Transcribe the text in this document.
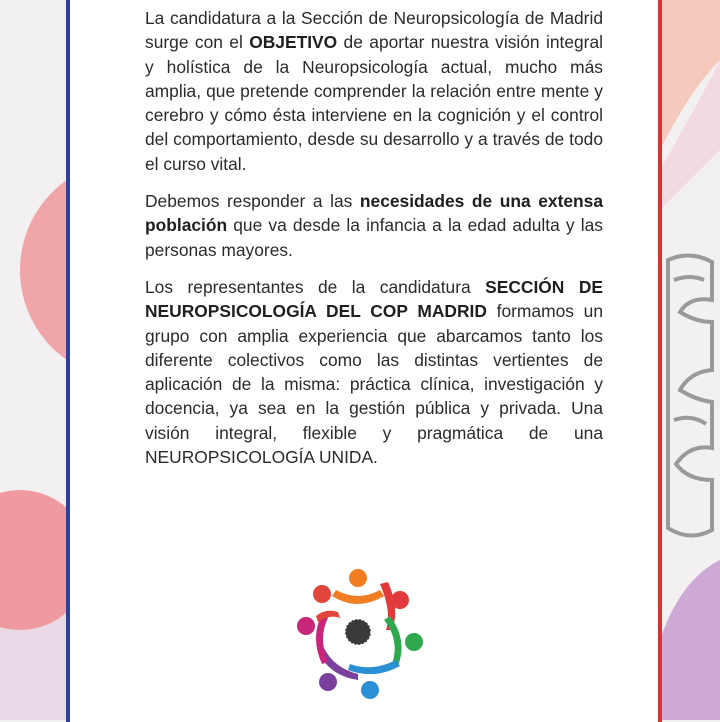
La candidatura a la Sección de Neuropsicología de Madrid surge con el OBJETIVO de aportar nuestra visión integral y holística de la Neuropsicología actual, mucho más amplia, que pretende comprender la relación entre mente y cerebro y cómo ésta interviene en la cognición y el control del comportamiento, desde su desarrollo y a través de todo el curso vital.

Debemos responder a las necesidades de una extensa población que va desde la infancia a la edad adulta y las personas mayores.

Los representantes de la candidatura SECCIÓN DE NEUROPSICOLOGÍA DEL COP MADRID formamos un grupo con amplia experiencia que abarcamos tanto los diferente colectivos como las distintas vertientes de aplicación de la misma: práctica clínica, investigación y docencia, ya sea en la gestión pública y privada. Una visión integral, flexible y pragmática de una NEUROPSICOLOGÍA UNIDA.
